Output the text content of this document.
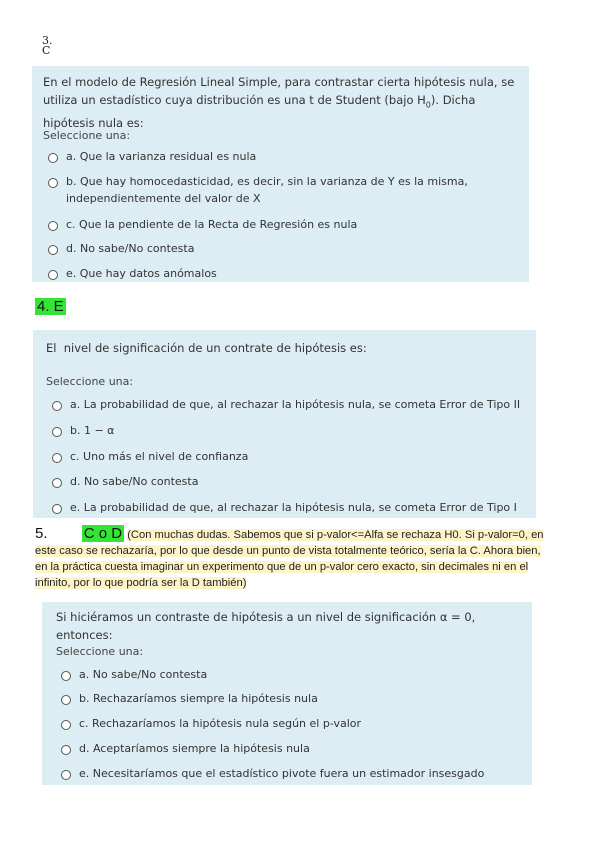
3.
C
En el modelo de Regresión Lineal Simple, para contrastar cierta hipótesis nula, se utiliza un estadístico cuya distribución es una t de Student (bajo $H_0$). Dicha hipótesis nula es:
Seleccione una:
a. Que la varianza residual es nula
b. Que hay homocedasticidad, es decir, sin la varianza de Y es la misma, independientemente del valor de X
c. Que la pendiente de la Recta de Regresión es nula
d. No sabe/No contesta
e. Que hay datos anómalos
4. E
El  nivel de significación de un contrate de hipótesis es:
Seleccione una:
a. La probabilidad de que, al rechazar la hipótesis nula, se cometa Error de Tipo II
b. 1 − α
c. Uno más el nivel de confianza
d. No sabe/No contesta
e. La probabilidad de que, al rechazar la hipótesis nula, se cometa Error de Tipo I
5. C o D (Con muchas dudas. Sabemos que si p-valor<=Alfa se rechaza H0. Si p-valor=0, en este caso se rechazaría, por lo que desde un punto de vista totalmente teórico, sería la C. Ahora bien, en la práctica cuesta imaginar un experimento que de un p-valor cero exacto, sin decimales ni en el infinito, por lo que podría ser la D también)
Si hiciéramos un contraste de hipótesis a un nivel de significación α = 0, entonces:
Seleccione una:
a. No sabe/No contesta
b. Rechazaríamos siempre la hipótesis nula
c. Rechazaríamos la hipótesis nula según el p-valor
d. Aceptaríamos siempre la hipótesis nula
e. Necesitaríamos que el estadístico pivote fuera un estimador insesgado
